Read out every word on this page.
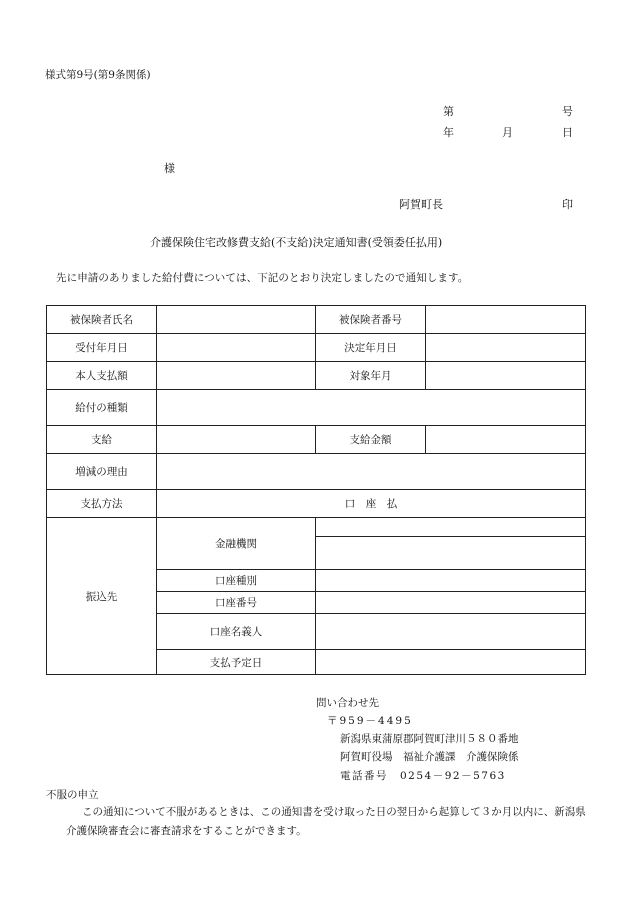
様式第9号(第9条関係)
第	号
年	月	日
様
阿賀町長	印
介護保険住宅改修費支給(不支給)決定通知書(受領委任払用)
先に申請のありました給付費については、下記のとおり決定しましたので通知します。
被保険者氏名		被保険者番号	
受付年月日		決定年月日	
本人支払額		対象年月	
給付の種類			
支給		支給金額	
増減の理由			
支払方法	口　座　払		
振込先	金融機関		

	口座種別		
	口座番号		
	口座名義人		
	支払予定日		
問い合わせ先
〒959－4495
新潟県東蒲原郡阿賀町津川５８０番地
阿賀町役場　福祉介護課　介護保険係
電話番号　0254－92－5763
不服の申立
この通知について不服があるときは、この通知書を受け取った日の翌日から起算して３か月以内に、新潟県介護保険審査会に審査請求をすることができます。
